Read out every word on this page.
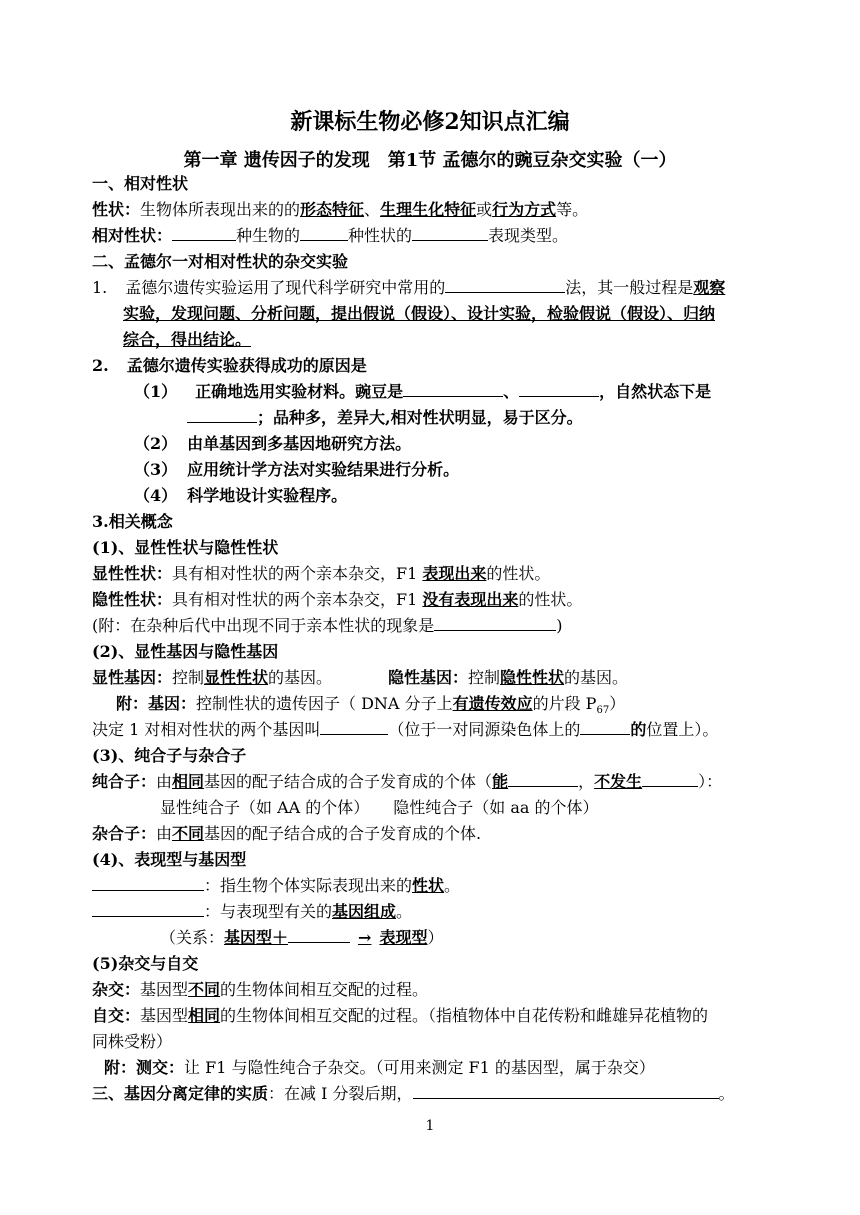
新课标生物必修2知识点汇编
第一章 遗传因子的发现　第1节 孟德尔的豌豆杂交实验（一）
一、相对性状
性状：生物体所表现出来的的形态特征、生理生化特征或行为方式等。
相对性状：	种生物的	种性状的	表现类型。
二、孟德尔一对相对性状的杂交实验
1. 孟德尔遗传实验运用了现代科学研究中常用的	法，其一般过程是观察
实验，发现问题、分析问题，提出假说（假设）、设计实验，检验假说（假设）、归纳
综合，得出结论。
2. 孟德尔遗传实验获得成功的原因是
（1） 正确地选用实验材料。豌豆是	、	，自然状态下是
；品种多，差异大,相对性状明显，易于区分。
（2） 由单基因到多基因地研究方法。
（3） 应用统计学方法对实验结果进行分析。
（4） 科学地设计实验程序。
3.相关概念
(1)、显性性状与隐性性状
显性性状：具有相对性状的两个亲本杂交，F1 表现出来的性状。
隐性性状：具有相对性状的两个亲本杂交，F1 没有表现出来的性状。
(附：在杂种后代中出现不同于亲本性状的现象是	)
(2)、显性基因与隐性基因
显性基因：控制显性性状的基因。	隐性基因：控制隐性性状的基因。
附：基因：控制性状的遗传因子（ DNA 分子上有遗传效应的片段 $P_{67}$）
决定 1 对相对性状的两个基因叫	（位于一对同源染色体上的	的位置上）。
(3)、纯合子与杂合子
纯合子：由相同基因的配子结合成的合子发育成的个体（能	，不发生	）：
显性纯合子（如 AA 的个体）　　隐性纯合子（如 aa 的个体）
杂合子：由不同基因的配子结合成的合子发育成的个体.
(4)、表现型与基因型
：指生物个体实际表现出来的性状。
：与表现型有关的基因组成。
（关系：基因型＋	→ 表现型）
(5)杂交与自交
杂交：基因型不同的生物体间相互交配的过程。
自交：基因型相同的生物体间相互交配的过程。（指植物体中自花传粉和雌雄异花植物的
同株受粉）
附：测交：让 F1 与隐性纯合子杂交。（可用来测定 F1 的基因型，属于杂交）
三、基因分离定律的实质：在减 I 分裂后期，	。
1
